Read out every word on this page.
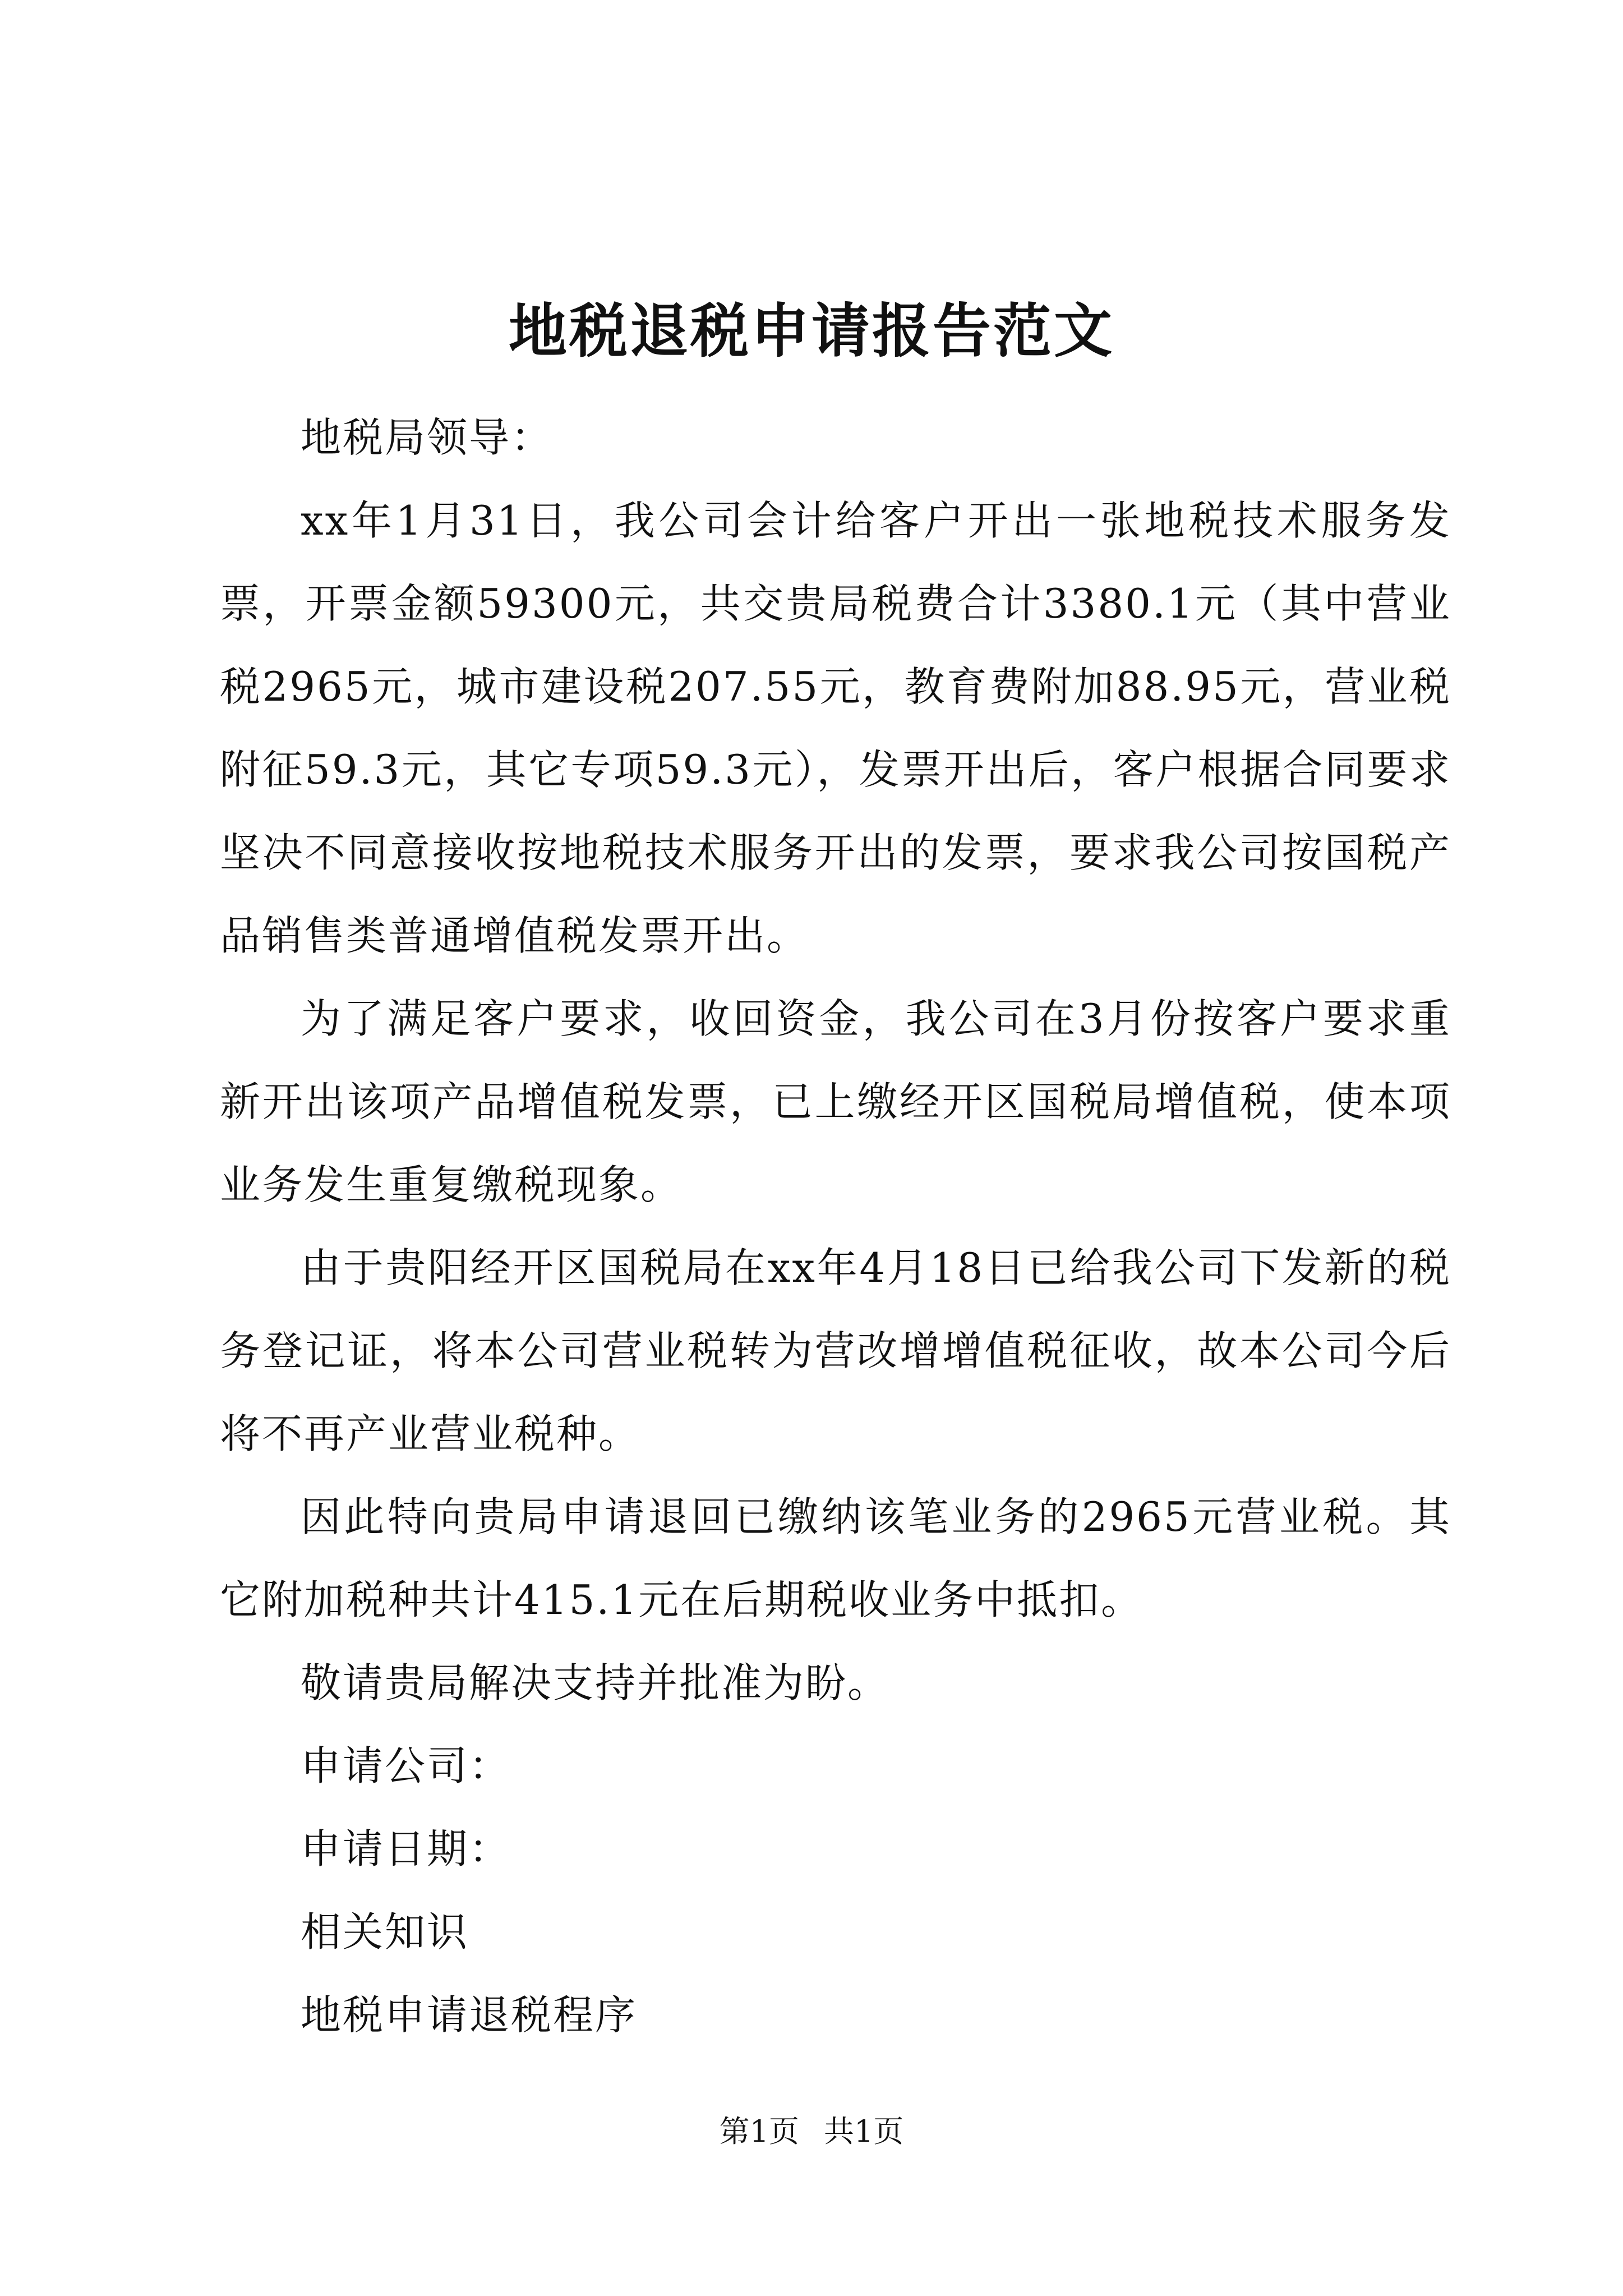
地税退税申请报告范文

地税局领导：

xx年1月31日，我公司会计给客户开出一张地税技术服务发票，开票金额59300元，共交贵局税费合计3380.1元（其中营业税2965元，城市建设税207.55元，教育费附加88.95元，营业税附征59.3元，其它专项59.3元），发票开出后，客户根据合同要求坚决不同意接收按地税技术服务开出的发票，要求我公司按国税产品销售类普通增值税发票开出。

为了满足客户要求，收回资金，我公司在3月份按客户要求重新开出该项产品增值税发票，已上缴经开区国税局增值税，使本项业务发生重复缴税现象。

由于贵阳经开区国税局在xx年4月18日已给我公司下发新的税务登记证，将本公司营业税转为营改增增值税征收，故本公司今后将不再产业营业税种。

因此特向贵局申请退回已缴纳该笔业务的2965元营业税。其它附加税种共计415.1元在后期税收业务中抵扣。

敬请贵局解决支持并批准为盼。

申请公司：

申请日期：

相关知识

地税申请退税程序

第1页 共1页
